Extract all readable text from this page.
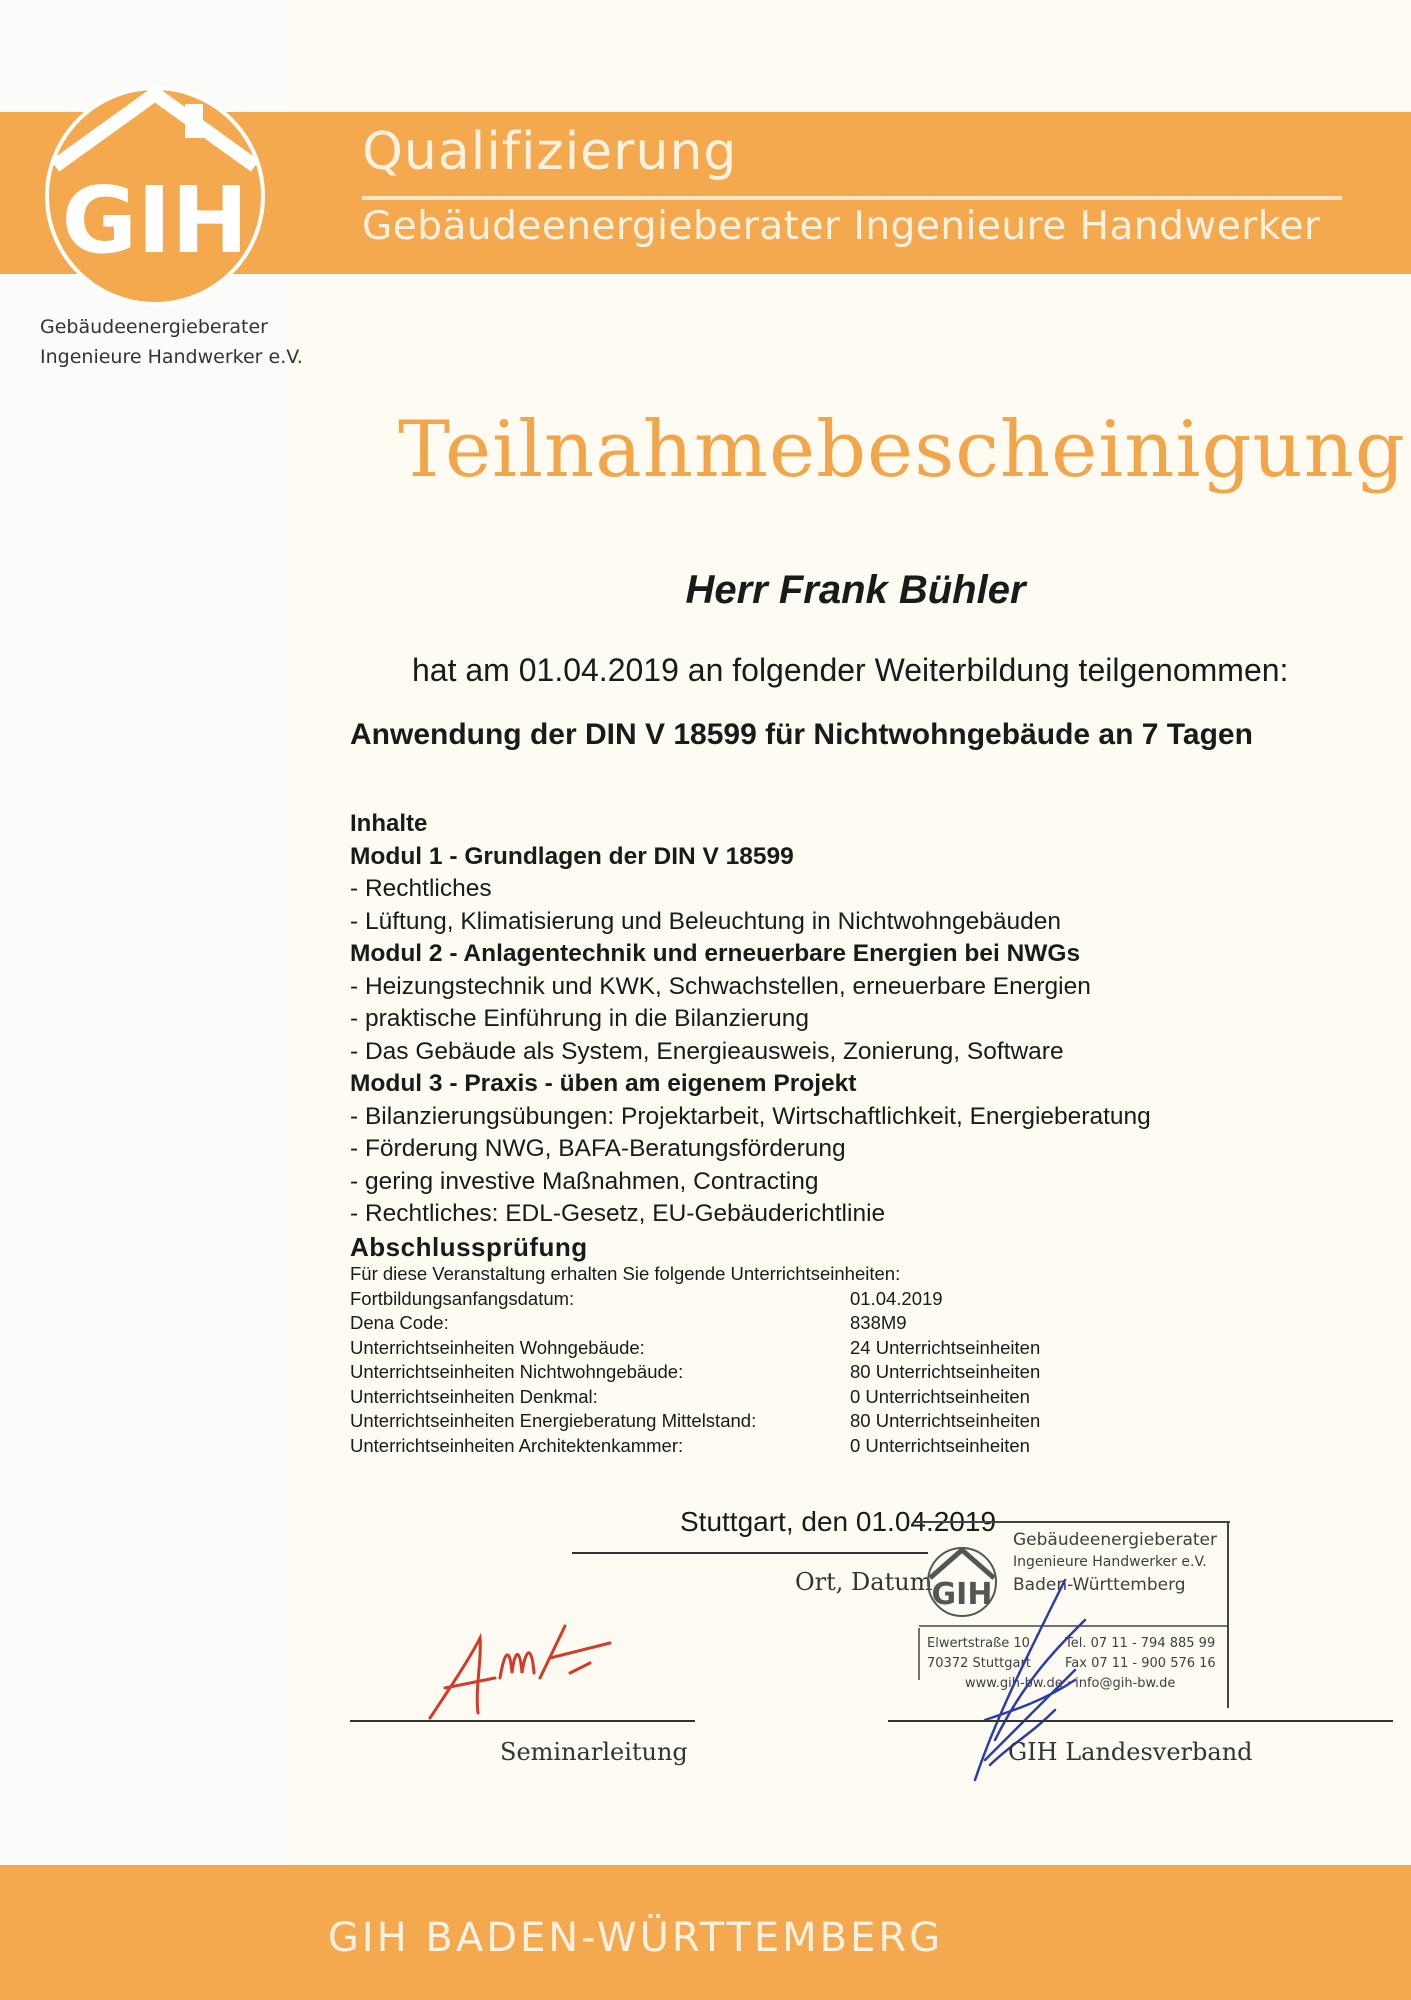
GIH
Qualifizierung
Gebäudeenergieberater Ingenieure Handwerker
Gebäudeenergieberater
Ingenieure Handwerker e.V.
Teilnahmebescheinigung
Herr Frank Bühler
hat am 01.04.2019 an folgender Weiterbildung teilgenommen:
Anwendung der DIN V 18599 für Nichtwohngebäude an 7 Tagen
Inhalte
Modul 1 - Grundlagen der DIN V 18599
- Rechtliches
- Lüftung, Klimatisierung und Beleuchtung in Nichtwohngebäuden
Modul 2 - Anlagentechnik und erneuerbare Energien bei NWGs
- Heizungstechnik und KWK, Schwachstellen, erneuerbare Energien
- praktische Einführung in die Bilanzierung
- Das Gebäude als System, Energieausweis, Zonierung, Software
Modul 3 - Praxis - üben am eigenem Projekt
- Bilanzierungsübungen: Projektarbeit, Wirtschaftlichkeit, Energieberatung
- Förderung NWG, BAFA-Beratungsförderung
- gering investive Maßnahmen, Contracting
- Rechtliches: EDL-Gesetz, EU-Gebäuderichtlinie
Abschlussprüfung
Für diese Veranstaltung erhalten Sie folgende Unterrichtseinheiten:
Fortbildungsanfangsdatum:	01.04.2019
Dena Code:	838M9
Unterrichtseinheiten Wohngebäude:	24 Unterrichtseinheiten
Unterrichtseinheiten Nichtwohngebäude:	80 Unterrichtseinheiten
Unterrichtseinheiten Denkmal:	0 Unterrichtseinheiten
Unterrichtseinheiten Energieberatung Mittelstand:	80 Unterrichtseinheiten
Unterrichtseinheiten Architektenkammer:	0 Unterrichtseinheiten
Stuttgart, den 01.04.2019
Ort, Datum GIH
Gebäudeenergieberater
Ingenieure Handwerker e.V.
Baden-Württemberg
Elwertstraße 10
70372 Stuttgart
Tel. 07 11 - 794 885 99
Fax 07 11 - 900 576 16
www.gih-bw.de · info@gih-bw.de
Seminarleitung	GIH Landesverband
GIH BADEN-WÜRTTEMBERG
